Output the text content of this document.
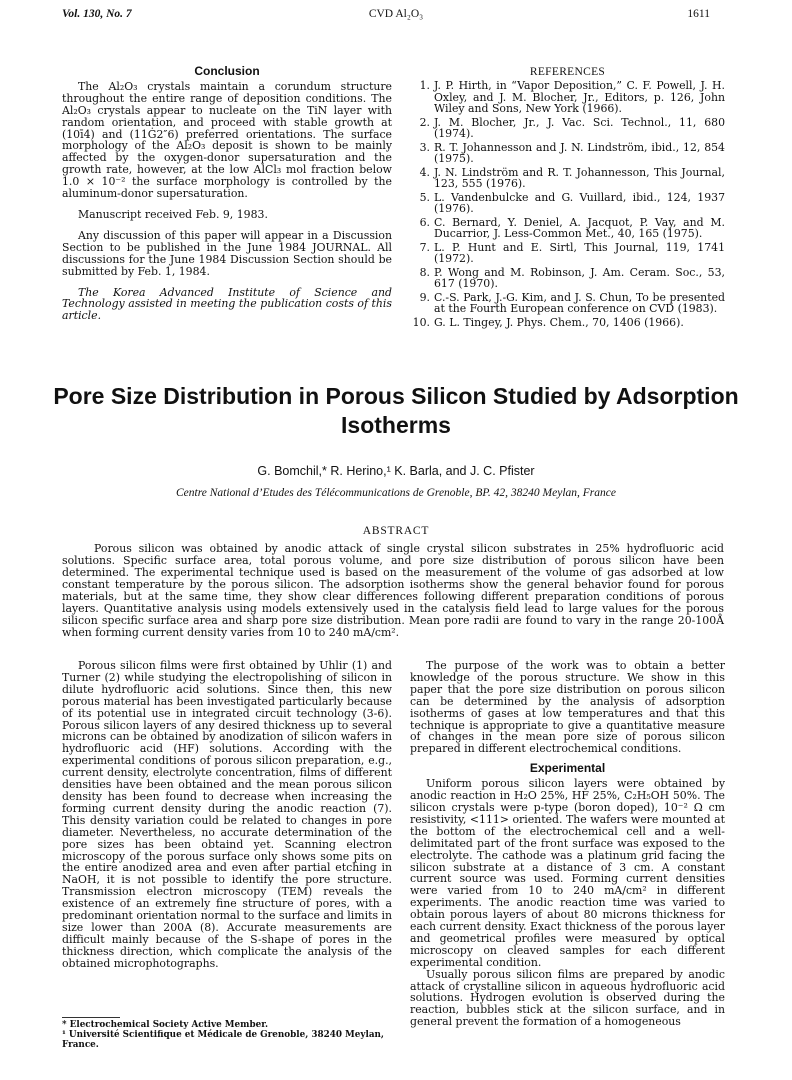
Vol. 130, No. 7	CVD Al₂O₃	1611
Conclusion

The Al₂O₃ crystals maintain a corundum structure throughout the entire range of deposition conditions. The Al₂O₃ crystals appear to nucleate on the TiN layer with random orientation, and proceed with stable growth at (10ī4) and (11Ġ2″6) preferred orientations. The surface morphology of the Al₂O₃ deposit is shown to be mainly affected by the oxygen-donor supersaturation and the growth rate, however, at the low AlCl₃ mol fraction below 1.0 × 10⁻² the surface morphology is controlled by the aluminum-donor supersaturation.

Manuscript received Feb. 9, 1983.

Any discussion of this paper will appear in a Discussion Section to be published in the June 1984 JOURNAL. All discussions for the June 1984 Discussion Section should be submitted by Feb. 1, 1984.

The Korea Advanced Institute of Science and Technology assisted in meeting the publication costs of this article.

REFERENCES
1. J. P. Hirth, in “Vapor Deposition,” C. F. Powell, J. H. Oxley, and J. M. Blocher, Jr., Editors, p. 126, John Wiley and Sons, New York (1966).
2. J. M. Blocher, Jr., J. Vac. Sci. Technol., 11, 680 (1974).
3. R. T. Johannesson and J. N. Lindström, ibid., 12, 854 (1975).
4. J. N. Lindström and R. T. Johannesson, This Journal, 123, 555 (1976).
5. L. Vandenbulcke and G. Vuillard, ibid., 124, 1937 (1976).
6. C. Bernard, Y. Deniel, A. Jacquot, P. Vay, and M. Ducarrior, J. Less-Common Met., 40, 165 (1975).
7. L. P. Hunt and E. Sirtl, This Journal, 119, 1741 (1972).
8. P. Wong and M. Robinson, J. Am. Ceram. Soc., 53, 617 (1970).
9. C.-S. Park, J.-G. Kim, and J. S. Chun, To be presented at the Fourth European conference on CVD (1983).
10. G. L. Tingey, J. Phys. Chem., 70, 1406 (1966).
Pore Size Distribution in Porous Silicon Studied by Adsorption Isotherms
G. Bomchil,* R. Herino,¹ K. Barla, and J. C. Pfister
Centre National d’Etudes des Télécommunications de Grenoble, BP. 42, 38240 Meylan, France
ABSTRACT

Porous silicon was obtained by anodic attack of single crystal silicon substrates in 25% hydrofluoric acid solutions. Specific surface area, total porous volume, and pore size distribution of porous silicon have been determined. The experimental technique used is based on the measurement of the volume of gas adsorbed at low constant temperature by the porous silicon. The adsorption isotherms show the general behavior found for porous materials, but at the same time, they show clear differences following different preparation conditions of porous layers. Quantitative analysis using models extensively used in the catalysis field lead to large values for the porous silicon specific surface area and sharp pore size distribution. Mean pore radii are found to vary in the range 20-100Å when forming current density varies from 10 to 240 mA/cm².

Porous silicon films were first obtained by Uhlir (1) and Turner (2) while studying the electropolishing of silicon in dilute hydrofluoric acid solutions. Since then, this new porous material has been investigated particularly because of its potential use in integrated circuit technology (3-6). Porous silicon layers of any desired thickness up to several microns can be obtained by anodization of silicon wafers in hydrofluoric acid (HF) solutions. According with the experimental conditions of porous silicon preparation, e.g., current density, electrolyte concentration, films of different densities have been obtained and the mean porous silicon density has been found to decrease when increasing the forming current density during the anodic reaction (7). This density variation could be related to changes in pore diameter. Nevertheless, no accurate determination of the pore sizes has been obtaind yet. Scanning electron microscopy of the porous surface only shows some pits on the entire anodized area and even after partial etching in NaOH, it is not possible to identify the pore structure. Transmission electron microscopy (TEM) reveals the existence of an extremely fine structure of pores, with a predominant orientation normal to the surface and limits in size lower than 200A (8). Accurate measurements are difficult mainly because of the S-shape of pores in the thickness direction, which complicate the analysis of the obtained microphotographs.

The purpose of the work was to obtain a better knowledge of the porous structure. We show in this paper that the pore size distribution on porous silicon can be determined by the analysis of adsorption isotherms of gases at low temperatures and that this technique is appropriate to give a quantitative measure of changes in the mean pore size of porous silicon prepared in different electrochemical conditions.

Experimental

Uniform porous silicon layers were obtained by anodic reaction in H₂O 25%, HF 25%, C₂H₅OH 50%. The silicon crystals were p-type (boron doped), 10⁻² Ω cm resistivity, <111> oriented. The wafers were mounted at the bottom of the electrochemical cell and a well-delimitated part of the front surface was exposed to the electrolyte. The cathode was a platinum grid facing the silicon substrate at a distance of 3 cm. A constant current source was used. Forming current densities were varied from 10 to 240 mA/cm² in different experiments. The anodic reaction time was varied to obtain porous layers of about 80 microns thickness for each current density. Exact thickness of the porous layer and geometrical profiles were measured by optical microscopy on cleaved samples for each different experimental condition.

Usually porous silicon films are prepared by anodic attack of crystalline silicon in aqueous hydrofluoric acid solutions. Hydrogen evolution is observed during the reaction, bubbles stick at the silicon surface, and in general prevent the formation of a homogeneous

* Electrochemical Society Active Member.
¹ Université Scientifique et Médicale de Grenoble, 38240 Meylan, France.
